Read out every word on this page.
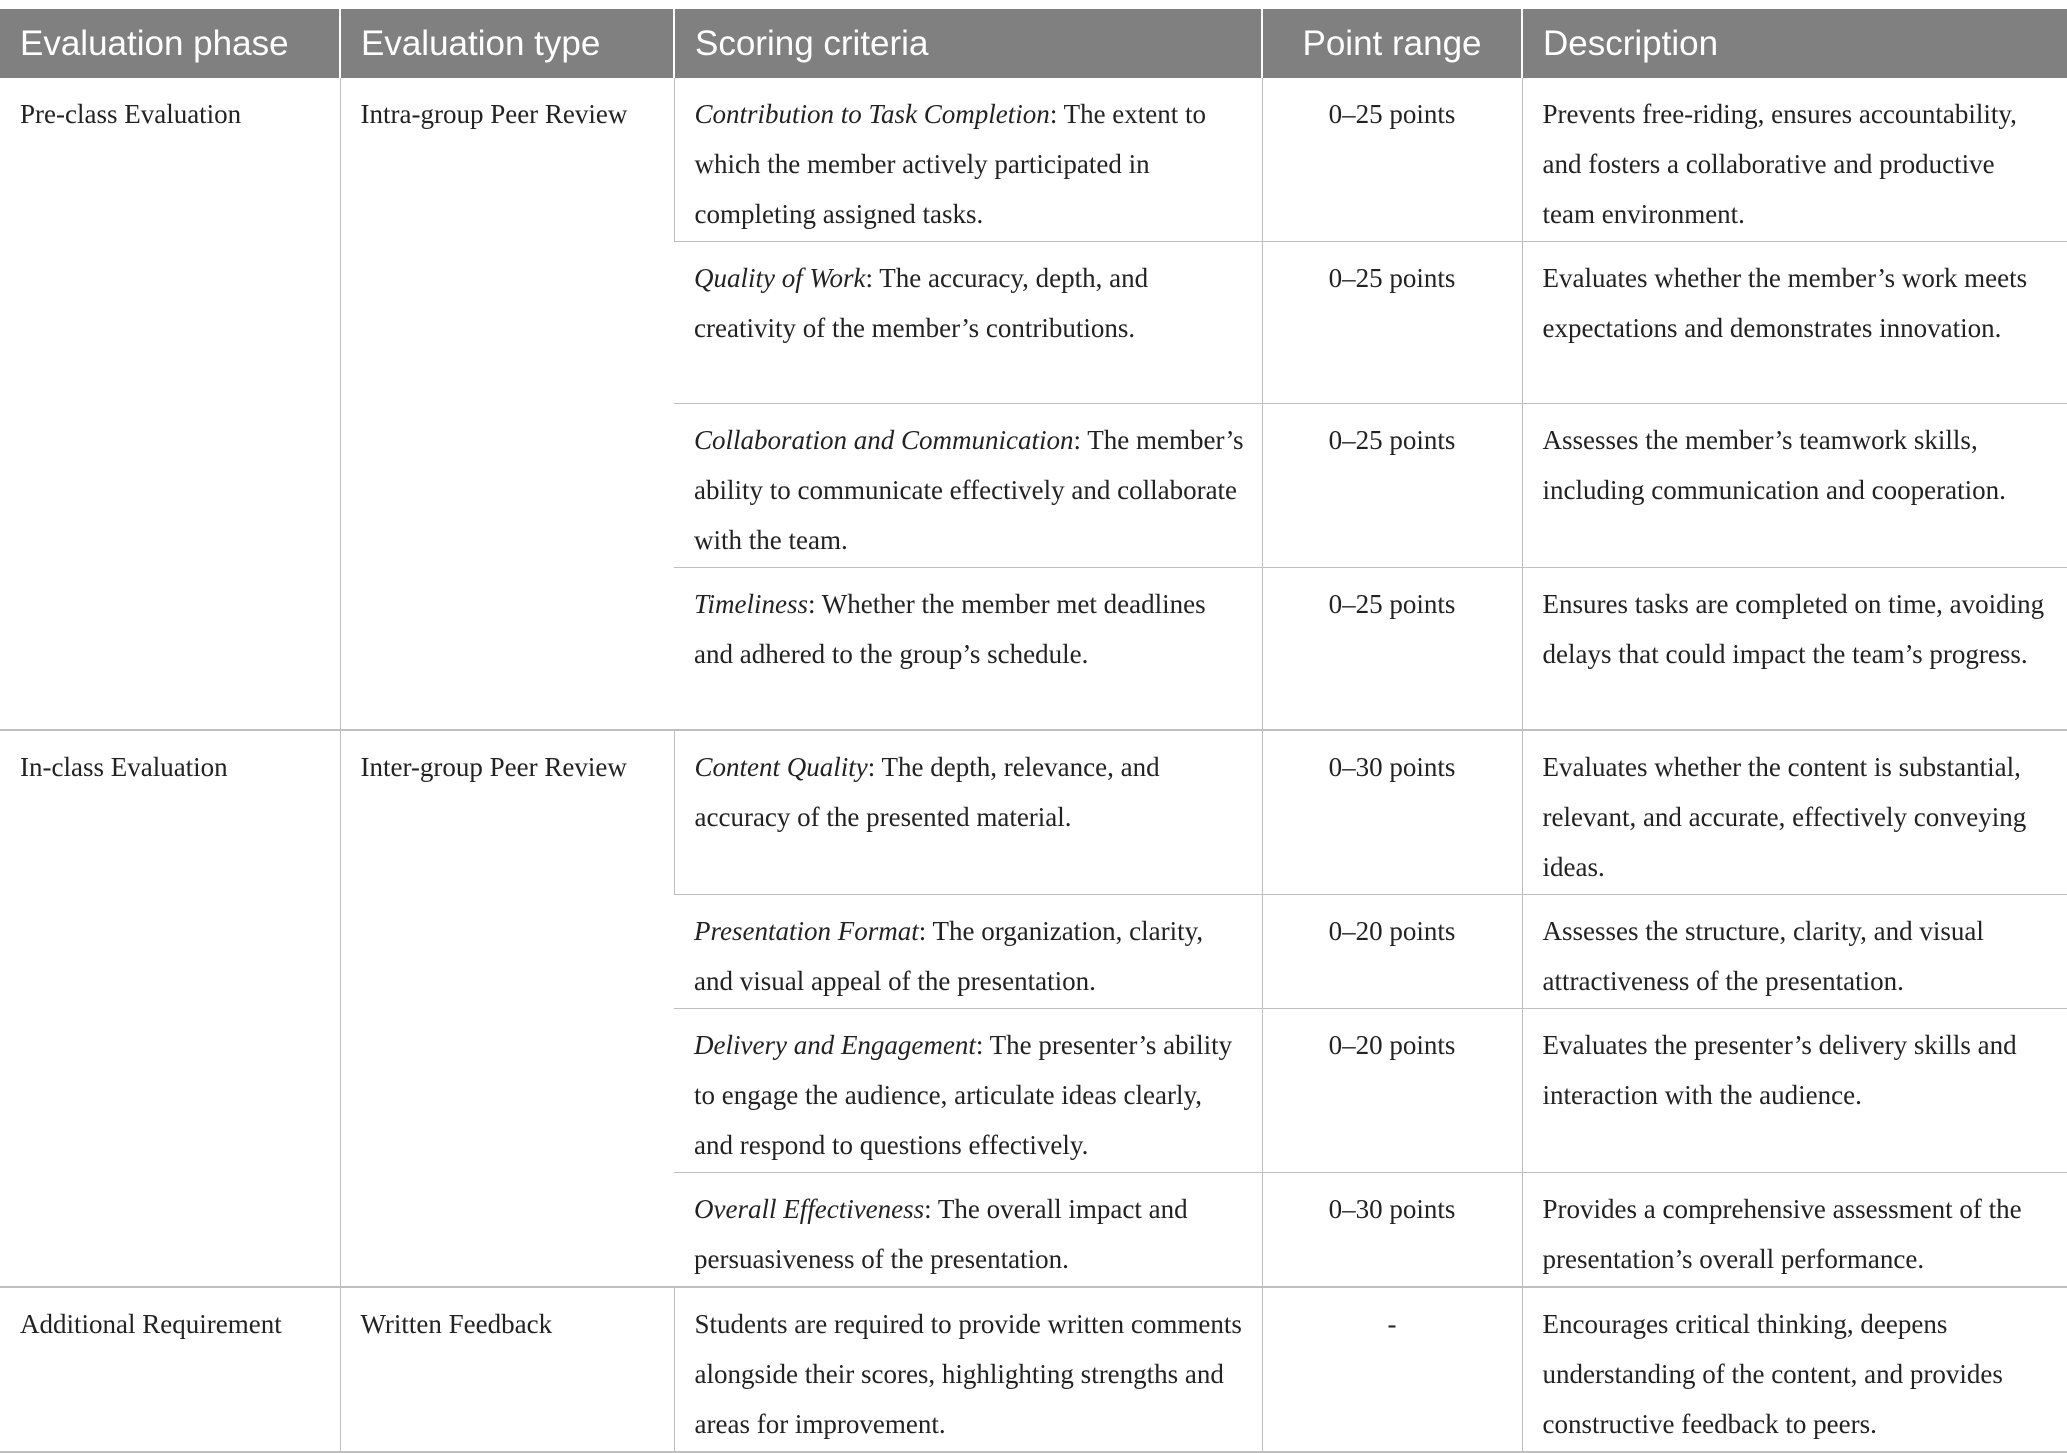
Evaluation phase	Evaluation type	Scoring criteria	Point range	Description
Pre-class Evaluation	Intra-group Peer Review	Contribution to Task Completion: The extent to which the member actively participated in completing assigned tasks.	0–25 points	Prevents free-riding, ensures accountability, and fosters a collaborative and productive team environment.
		Quality of Work: The accuracy, depth, and creativity of the member’s contributions.	0–25 points	Evaluates whether the member’s work meets expectations and demonstrates innovation.
		Collaboration and Communication: The member’s ability to communicate effectively and collaborate with the team.	0–25 points	Assesses the member’s teamwork skills, including communication and cooperation.
		Timeliness: Whether the member met deadlines and adhered to the group’s schedule.	0–25 points	Ensures tasks are completed on time, avoiding delays that could impact the team’s progress.
In-class Evaluation	Inter-group Peer Review	Content Quality: The depth, relevance, and accuracy of the presented material.	0–30 points	Evaluates whether the content is substantial, relevant, and accurate, effectively conveying ideas.
		Presentation Format: The organization, clarity, and visual appeal of the presentation.	0–20 points	Assesses the structure, clarity, and visual attractiveness of the presentation.
		Delivery and Engagement: The presenter’s ability to engage the audience, articulate ideas clearly, and respond to questions effectively.	0–20 points	Evaluates the presenter’s delivery skills and interaction with the audience.
		Overall Effectiveness: The overall impact and persuasiveness of the presentation.	0–30 points	Provides a comprehensive assessment of the presentation’s overall performance.
Additional Requirement	Written Feedback	Students are required to provide written comments alongside their scores, highlighting strengths and areas for improvement.	-	Encourages critical thinking, deepens understanding of the content, and provides constructive feedback to peers.
